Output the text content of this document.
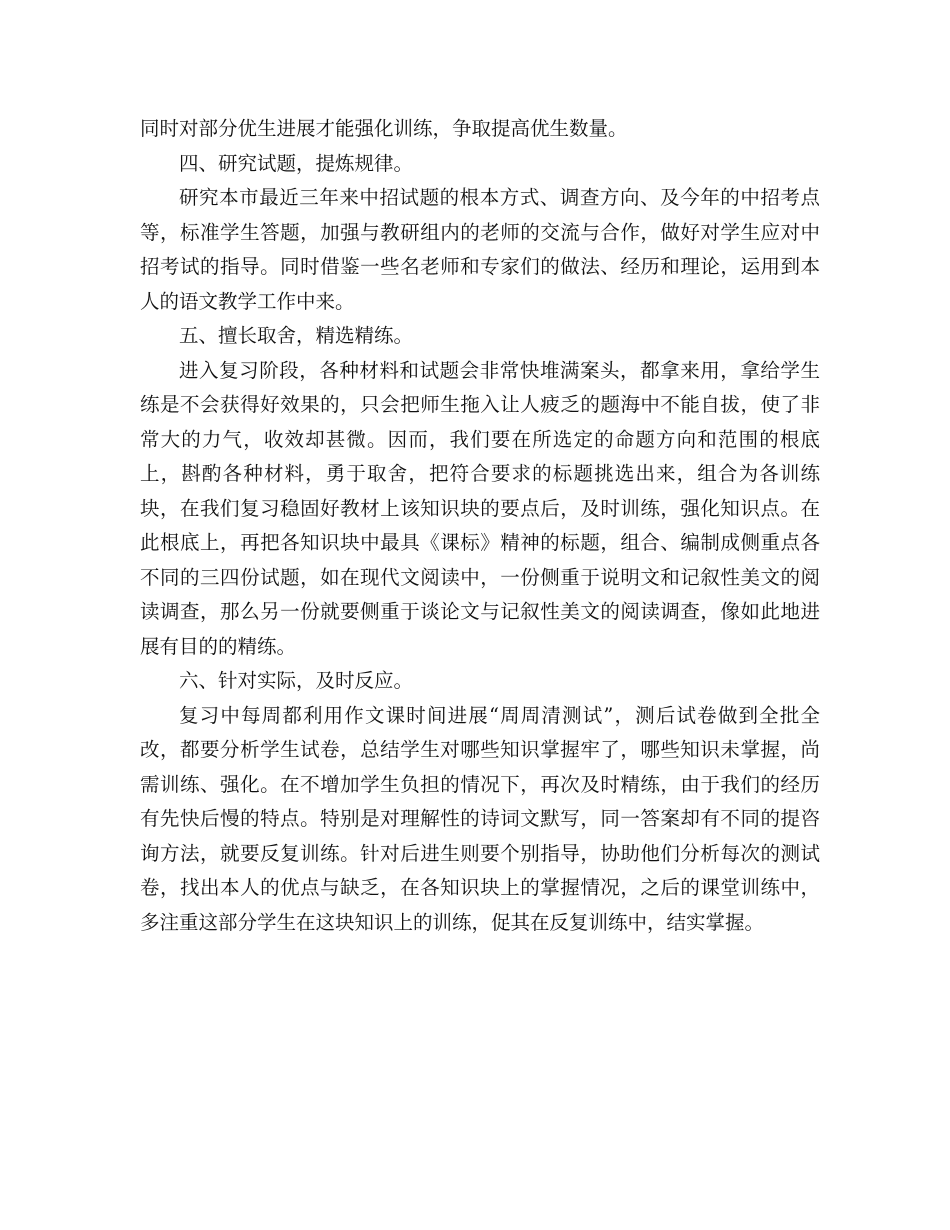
同时对部分优生进展才能强化训练，争取提高优生数量。

四、研究试题，提炼规律。

研究本市最近三年来中招试题的根本方式、调查方向、及今年的中招考点等，标准学生答题，加强与教研组内的老师的交流与合作，做好对学生应对中招考试的指导。同时借鉴一些名老师和专家们的做法、经历和理论，运用到本人的语文教学工作中来。

五、擅长取舍，精选精练。

进入复习阶段，各种材料和试题会非常快堆满案头，都拿来用，拿给学生练是不会获得好效果的，只会把师生拖入让人疲乏的题海中不能自拔，使了非常大的力气，收效却甚微。因而，我们要在所选定的命题方向和范围的根底上，斟酌各种材料，勇于取舍，把符合要求的标题挑选出来，组合为各训练块，在我们复习稳固好教材上该知识块的要点后，及时训练，强化知识点。在此根底上，再把各知识块中最具《课标》精神的标题，组合、编制成侧重点各不同的三四份试题，如在现代文阅读中，一份侧重于说明文和记叙性美文的阅读调查，那么另一份就要侧重于谈论文与记叙性美文的阅读调查，像如此地进展有目的的精练。

六、针对实际，及时反应。

复习中每周都利用作文课时间进展“周周清测试”，测后试卷做到全批全改，都要分析学生试卷，总结学生对哪些知识掌握牢了，哪些知识未掌握，尚需训练、强化。在不增加学生负担的情况下，再次及时精练，由于我们的经历有先快后慢的特点。特别是对理解性的诗词文默写，同一答案却有不同的提咨询方法，就要反复训练。针对后进生则要个别指导，协助他们分析每次的测试卷，找出本人的优点与缺乏，在各知识块上的掌握情况，之后的课堂训练中，多注重这部分学生在这块知识上的训练，促其在反复训练中，结实掌握。
